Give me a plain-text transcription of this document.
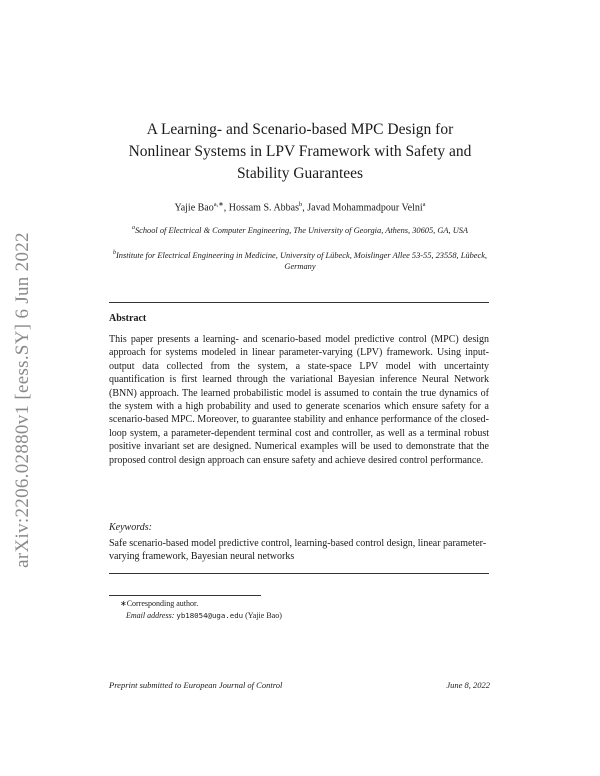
arXiv:2206.02880v1 [eess.SY] 6 Jun 2022
A Learning- and Scenario-based MPC Design for
Nonlinear Systems in LPV Framework with Safety and
Stability Guarantees
Yajie Bao$^{a,∗}$, Hossam S. Abbas$^b$, Javad Mohammadpour Velni$^a$
$^a$School of Electrical & Computer Engineering, The University of Georgia, Athens, 30605, GA, USA
$^b$Institute for Electrical Engineering in Medicine, University of Lübeck, Moislinger Allee 53-55, 23558, Lübeck, Germany
Abstract
This paper presents a learning- and scenario-based model predictive control (MPC) design approach for systems modeled in linear parameter-varying (LPV) framework. Using input-output data collected from the system, a state-space LPV model with uncertainty quantification is first learned through the variational Bayesian inference Neural Network (BNN) approach. The learned probabilistic model is assumed to contain the true dynamics of the system with a high probability and used to generate scenarios which ensure safety for a scenario-based MPC. Moreover, to guarantee stability and enhance performance of the closed-loop system, a parameter-dependent terminal cost and controller, as well as a terminal robust positive invariant set are designed. Numerical examples will be used to demonstrate that the proposed control design approach can ensure safety and achieve desired control performance.
Keywords:
Safe scenario-based model predictive control, learning-based control design, linear parameter-varying framework, Bayesian neural networks
∗Corresponding author.
Email address: yb18054@uga.edu (Yajie Bao)
Preprint submitted to European Journal of Control	June 8, 2022
